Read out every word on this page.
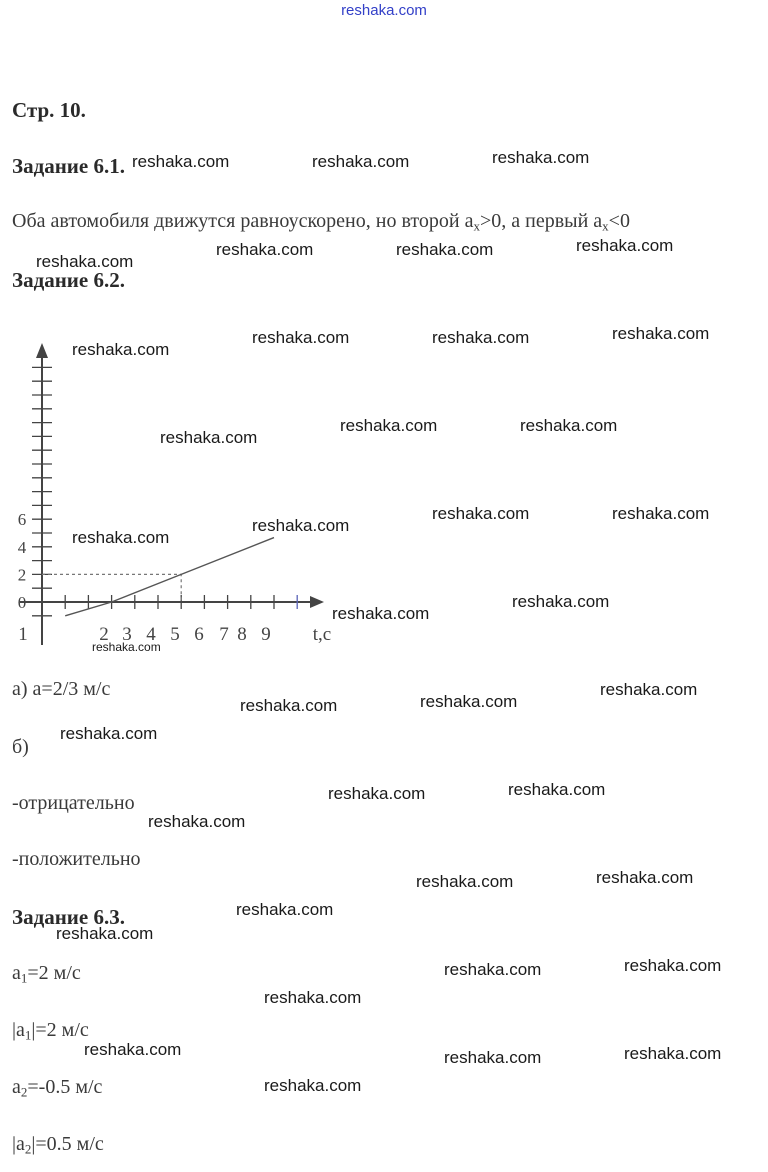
reshaka.com
Стр. 10.
Задание 6.1.
Оба автомобиля движутся равноускорено, но второй $a_x>0$, а первый $a_x<0$
Задание 6.2.
1	2 3 4 5 6 7 8 9
0
2
4
6
t,c
а) a=2/3 м/с
б)
-отрицательно
-положительно
Задание 6.3.
$a_1=2$ м/с
$|a_1|=2$ м/с
$a_2=-0.5$ м/с
$|a_2|=0.5$ м/с
reshaka.com	reshaka.com	reshaka.com
reshaka.com
reshaka.com	reshaka.com	reshaka.com
reshaka.com
reshaka.com	reshaka.com	reshaka.com
reshaka.com
reshaka.com	reshaka.com
reshaka.com
reshaka.com
reshaka.com	reshaka.com
reshaka.com
reshaka.com
reshaka.com
reshaka.com	reshaka.com
reshaka.com
reshaka.com
reshaka.com	reshaka.com
reshaka.com
reshaka.com	reshaka.com
reshaka.com
reshaka.com
reshaka.com	reshaka.com
reshaka.com
reshaka.com	reshaka.com	reshaka.com
reshaka.com
